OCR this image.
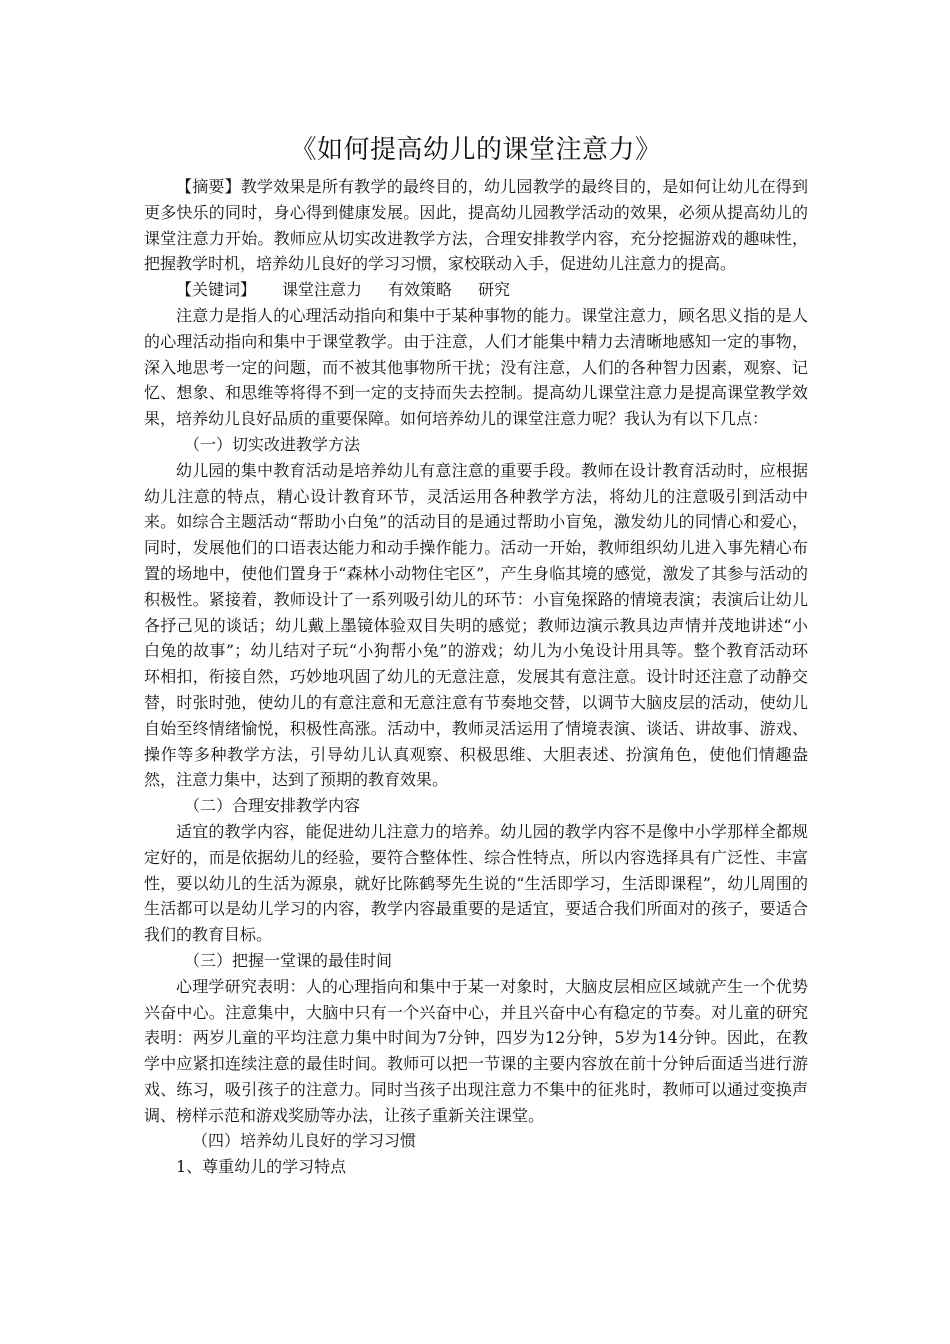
《如何提高幼儿的课堂注意力》

【摘要】教学效果是所有教学的最终目的，幼儿园教学的最终目的，是如何让幼儿在得到更多快乐的同时，身心得到健康发展。因此，提高幼儿园教学活动的效果，必须从提高幼儿的课堂注意力开始。教师应从切实改进教学方法，合理安排教学内容，充分挖掘游戏的趣味性，把握教学时机，培养幼儿良好的学习习惯，家校联动入手，促进幼儿注意力的提高。

【关键词】 课堂注意力 有效策略 研究

注意力是指人的心理活动指向和集中于某种事物的能力。课堂注意力，顾名思义指的是人的心理活动指向和集中于课堂教学。由于注意，人们才能集中精力去清晰地感知一定的事物，深入地思考一定的问题，而不被其他事物所干扰；没有注意，人们的各种智力因素，观察、记忆、想象、和思维等将得不到一定的支持而失去控制。提高幼儿课堂注意力是提高课堂教学效果，培养幼儿良好品质的重要保障。如何培养幼儿的课堂注意力呢？我认为有以下几点：

（一）切实改进教学方法

幼儿园的集中教育活动是培养幼儿有意注意的重要手段。教师在设计教育活动时，应根据幼儿注意的特点，精心设计教育环节，灵活运用各种教学方法，将幼儿的注意吸引到活动中来。如综合主题活动“帮助小白兔”的活动目的是通过帮助小盲兔，激发幼儿的同情心和爱心，同时，发展他们的口语表达能力和动手操作能力。活动一开始，教师组织幼儿进入事先精心布置的场地中，使他们置身于“森林小动物住宅区”，产生身临其境的感觉，激发了其参与活动的积极性。紧接着，教师设计了一系列吸引幼儿的环节：小盲兔探路的情境表演；表演后让幼儿各抒己见的谈话；幼儿戴上墨镜体验双目失明的感觉；教师边演示教具边声情并茂地讲述“小白兔的故事”；幼儿结对子玩“小狗帮小兔”的游戏；幼儿为小兔设计用具等。整个教育活动环环相扣，衔接自然，巧妙地巩固了幼儿的无意注意，发展其有意注意。设计时还注意了动静交替，时张时弛，使幼儿的有意注意和无意注意有节奏地交替，以调节大脑皮层的活动，使幼儿自始至终情绪愉悦，积极性高涨。活动中，教师灵活运用了情境表演、谈话、讲故事、游戏、操作等多种教学方法，引导幼儿认真观察、积极思维、大胆表述、扮演角色，使他们情趣盎然，注意力集中，达到了预期的教育效果。

（二）合理安排教学内容

适宜的教学内容，能促进幼儿注意力的培养。幼儿园的教学内容不是像中小学那样全都规定好的，而是依据幼儿的经验，要符合整体性、综合性特点，所以内容选择具有广泛性、丰富性，要以幼儿的生活为源泉，就好比陈鹤琴先生说的“生活即学习，生活即课程”，幼儿周围的生活都可以是幼儿学习的内容，教学内容最重要的是适宜，要适合我们所面对的孩子，要适合我们的教育目标。

（三）把握一堂课的最佳时间

心理学研究表明：人的心理指向和集中于某一对象时，大脑皮层相应区域就产生一个优势兴奋中心。注意集中，大脑中只有一个兴奋中心，并且兴奋中心有稳定的节奏。对儿童的研究表明：两岁儿童的平均注意力集中时间为7分钟，四岁为12分钟，5岁为14分钟。因此，在教学中应紧扣连续注意的最佳时间。教师可以把一节课的主要内容放在前十分钟后面适当进行游戏、练习，吸引孩子的注意力。同时当孩子出现注意力不集中的征兆时，教师可以通过变换声调、榜样示范和游戏奖励等办法，让孩子重新关注课堂。

（四）培养幼儿良好的学习习惯

1、尊重幼儿的学习特点
